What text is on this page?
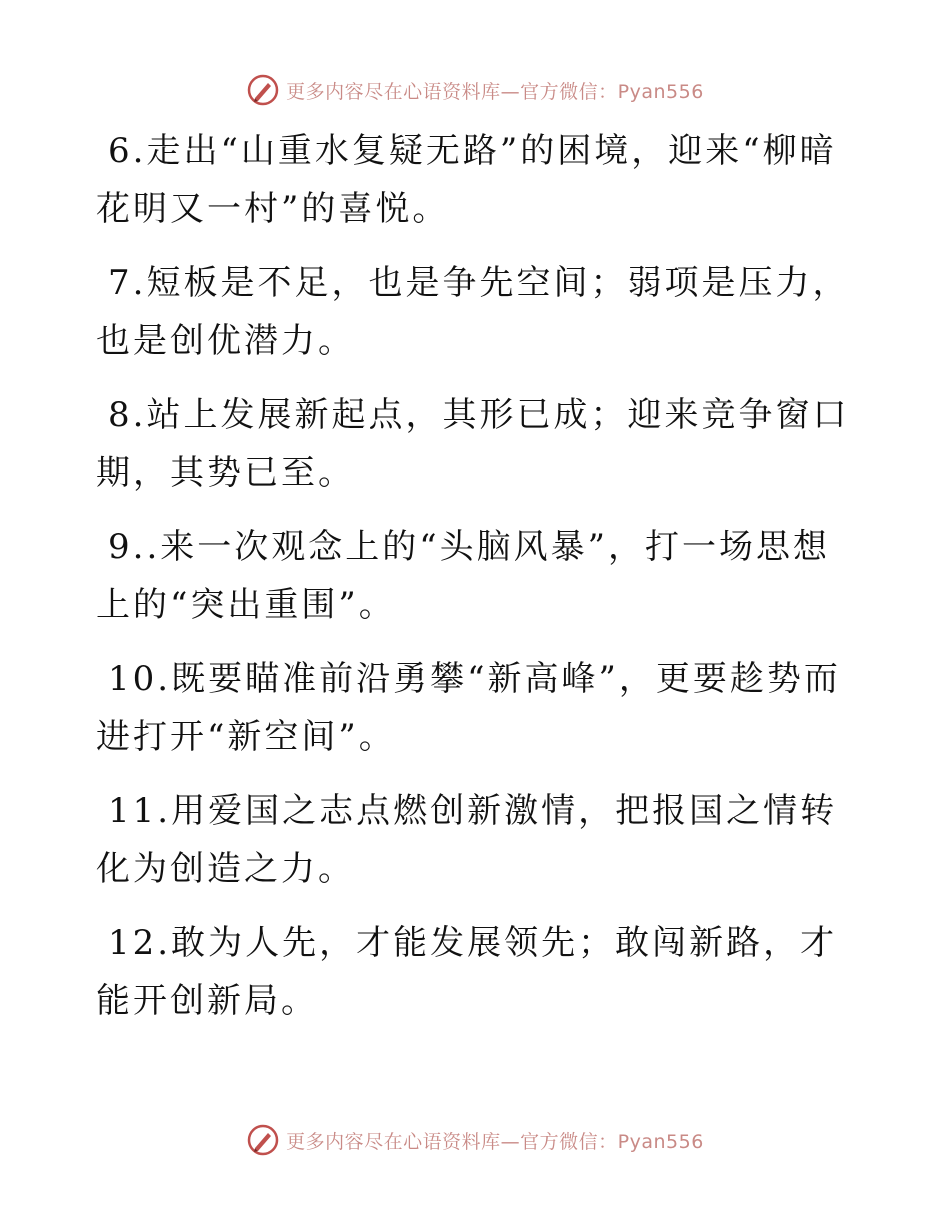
更多内容尽在心语资料库—官方微信：Pyan556

6.走出“山重水复疑无路”的困境，迎来“柳暗花明又一村”的喜悦。

7.短板是不足，也是争先空间；弱项是压力，也是创优潜力。

8.站上发展新起点，其形已成；迎来竞争窗口期，其势已至。

9..来一次观念上的“头脑风暴”，打一场思想上的“突出重围”。

10.既要瞄准前沿勇攀“新高峰”，更要趁势而进打开“新空间”。

11.用爱国之志点燃创新激情，把报国之情转化为创造之力。

12.敢为人先，才能发展领先；敢闯新路，才能开创新局。

更多内容尽在心语资料库—官方微信：Pyan556
